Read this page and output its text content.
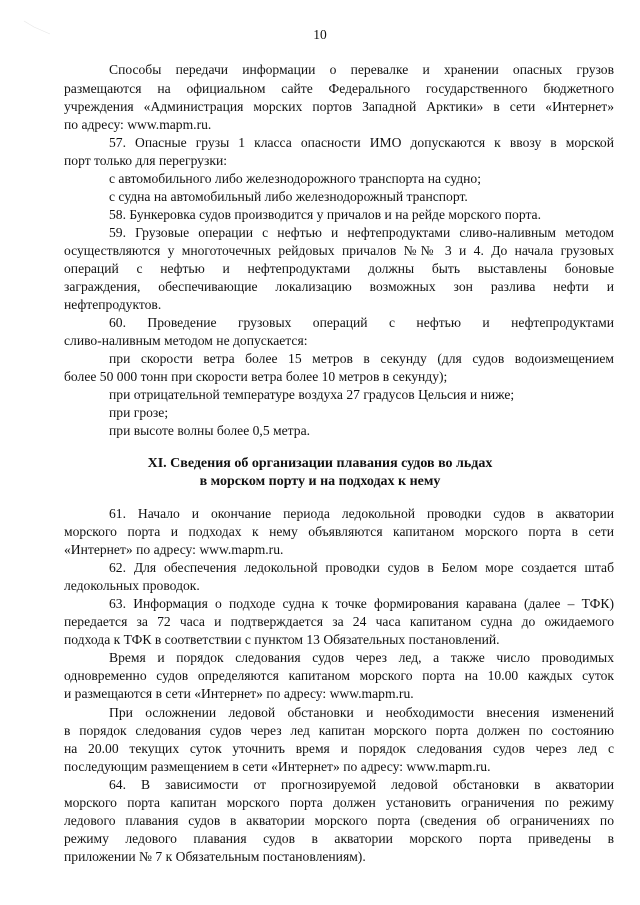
10
Способы передачи информации о перевалке и хранении опасных грузов
размещаются на официальном сайте Федерального государственного бюджетного
учреждения «Администрация морских портов Западной Арктики» в сети «Интернет»
по адресу: www.mapm.ru.
57. Опасные грузы 1 класса опасности ИМО допускаются к ввозу в морской
порт только для перегрузки:
с автомобильного либо железнодорожного транспорта на судно;
с судна на автомобильный либо железнодорожный транспорт.
58. Бункеровка судов производится у причалов и на рейде морского порта.
59. Грузовые операции с нефтью и нефтепродуктами сливо-наливным методом
осуществляются у многоточечных рейдовых причалов №№ 3 и 4. До начала грузовых
операций с нефтью и нефтепродуктами должны быть выставлены боновые
заграждения, обеспечивающие локализацию возможных зон разлива нефти и
нефтепродуктов.
60. Проведение грузовых операций с нефтью и нефтепродуктами
сливо-наливным методом не допускается:
при скорости ветра более 15 метров в секунду (для судов водоизмещением
более 50 000 тонн при скорости ветра более 10 метров в секунду);
при отрицательной температуре воздуха 27 градусов Цельсия и ниже;
при грозе;
при высоте волны более 0,5 метра.
XI. Сведения об организации плавания судов во льдах
в морском порту и на подходах к нему
61. Начало и окончание периода ледокольной проводки судов в акватории
морского порта и подходах к нему объявляются капитаном морского порта в сети
«Интернет» по адресу: www.mapm.ru.
62. Для обеспечения ледокольной проводки судов в Белом море создается штаб
ледокольных проводок.
63. Информация о подходе судна к точке формирования каравана (далее – ТФК)
передается за 72 часа и подтверждается за 24 часа капитаном судна до ожидаемого
подхода к ТФК в соответствии с пунктом 13 Обязательных постановлений.
Время и порядок следования судов через лед, а также число проводимых
одновременно судов определяются капитаном морского порта на 10.00 каждых суток
и размещаются в сети «Интернет» по адресу: www.mapm.ru.
При осложнении ледовой обстановки и необходимости внесения изменений
в порядок следования судов через лед капитан морского порта должен по состоянию
на 20.00 текущих суток уточнить время и порядок следования судов через лед с
последующим размещением в сети «Интернет» по адресу: www.mapm.ru.
64. В зависимости от прогнозируемой ледовой обстановки в акватории
морского порта капитан морского порта должен установить ограничения по режиму
ледового плавания судов в акватории морского порта (сведения об ограничениях по
режиму ледового плавания судов в акватории морского порта приведены в
приложении № 7 к Обязательным постановлениям).
